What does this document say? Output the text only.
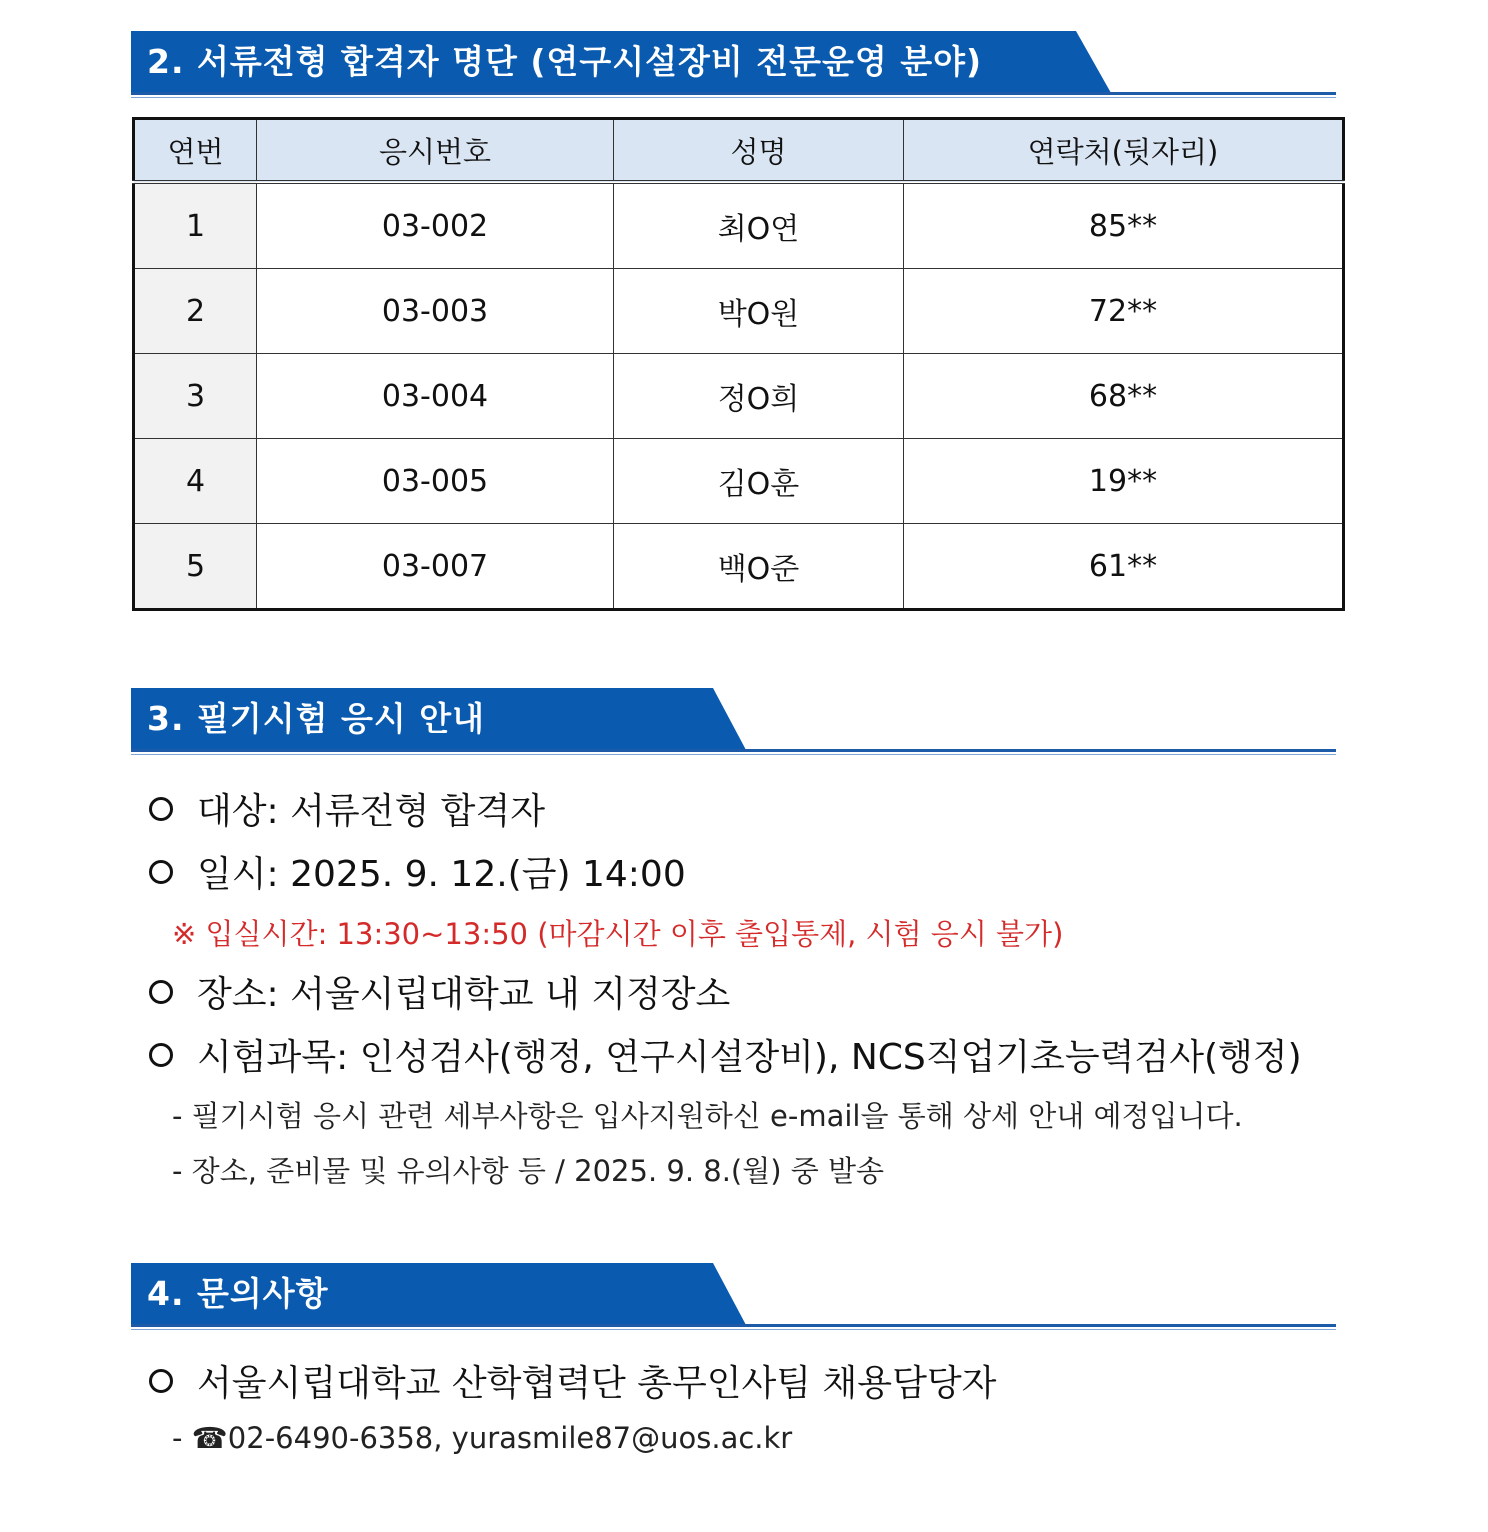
2. 서류전형 합격자 명단 (연구시설장비 전문운영 분야)
연번	응시번호	성명	연락처(뒷자리)
1	03-002	최O연	85**
2	03-003	박O원	72**
3	03-004	정O희	68**
4	03-005	김O훈	19**
5	03-007	백O준	61**
3. 필기시험 응시 안내
대상: 서류전형 합격자
일시: 2025. 9. 12.(금) 14:00
※ 입실시간: 13:30~13:50 (마감시간 이후 출입통제, 시험 응시 불가)
장소: 서울시립대학교 내 지정장소
시험과목: 인성검사(행정, 연구시설장비), NCS직업기초능력검사(행정)
- 필기시험 응시 관련 세부사항은 입사지원하신 e-mail을 통해 상세 안내 예정입니다.
- 장소, 준비물 및 유의사항 등 / 2025. 9. 8.(월) 중 발송
4. 문의사항
서울시립대학교 산학협력단 총무인사팀 채용담당자
- ☎02-6490-6358, yurasmile87@uos.ac.kr
